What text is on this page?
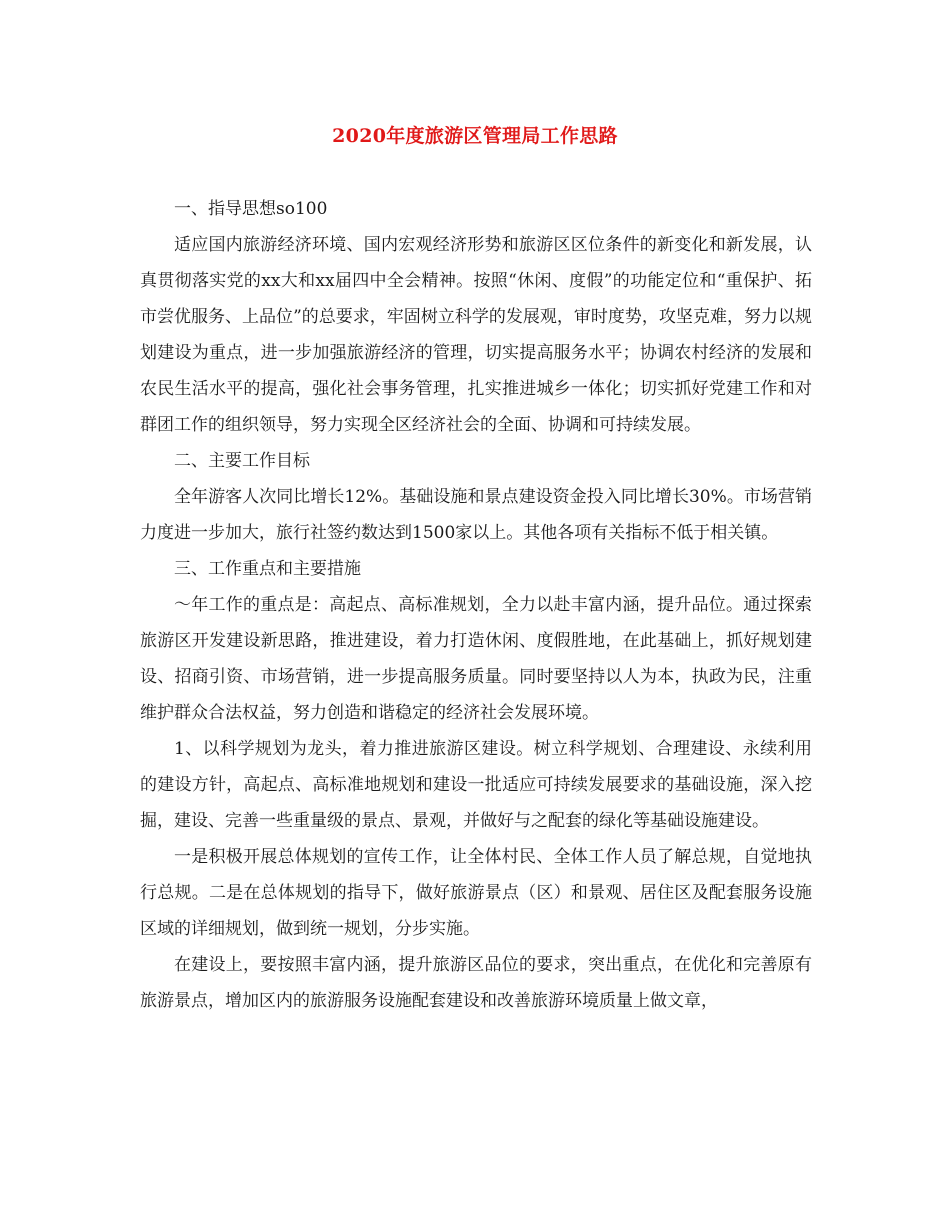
2020年度旅游区管理局工作思路

一、指导思想so100

适应国内旅游经济环境、国内宏观经济形势和旅游区区位条件的新变化和新发展，认真贯彻落实党的xx大和xx届四中全会精神。按照“休闲、度假”的功能定位和“重保护、拓市尝优服务、上品位”的总要求，牢固树立科学的发展观，审时度势，攻坚克难，努力以规划建设为重点，进一步加强旅游经济的管理，切实提高服务水平；协调农村经济的发展和农民生活水平的提高，强化社会事务管理，扎实推进城乡一体化；切实抓好党建工作和对群团工作的组织领导，努力实现全区经济社会的全面、协调和可持续发展。

二、主要工作目标

全年游客人次同比增长12%。基础设施和景点建设资金投入同比增长30%。市场营销力度进一步加大，旅行社签约数达到1500家以上。其他各项有关指标不低于相关镇。

三、工作重点和主要措施

～年工作的重点是：高起点、高标准规划，全力以赴丰富内涵，提升品位。通过探索旅游区开发建设新思路，推进建设，着力打造休闲、度假胜地，在此基础上，抓好规划建设、招商引资、市场营销，进一步提高服务质量。同时要坚持以人为本，执政为民，注重维护群众合法权益，努力创造和谐稳定的经济社会发展环境。

1、以科学规划为龙头，着力推进旅游区建设。树立科学规划、合理建设、永续利用的建设方针，高起点、高标准地规划和建设一批适应可持续发展要求的基础设施，深入挖掘，建设、完善一些重量级的景点、景观，并做好与之配套的绿化等基础设施建设。

一是积极开展总体规划的宣传工作，让全体村民、全体工作人员了解总规，自觉地执行总规。二是在总体规划的指导下，做好旅游景点（区）和景观、居住区及配套服务设施区域的详细规划，做到统一规划，分步实施。

在建设上，要按照丰富内涵，提升旅游区品位的要求，突出重点，在优化和完善原有旅游景点，增加区内的旅游服务设施配套建设和改善旅游环境质量上做文章，
